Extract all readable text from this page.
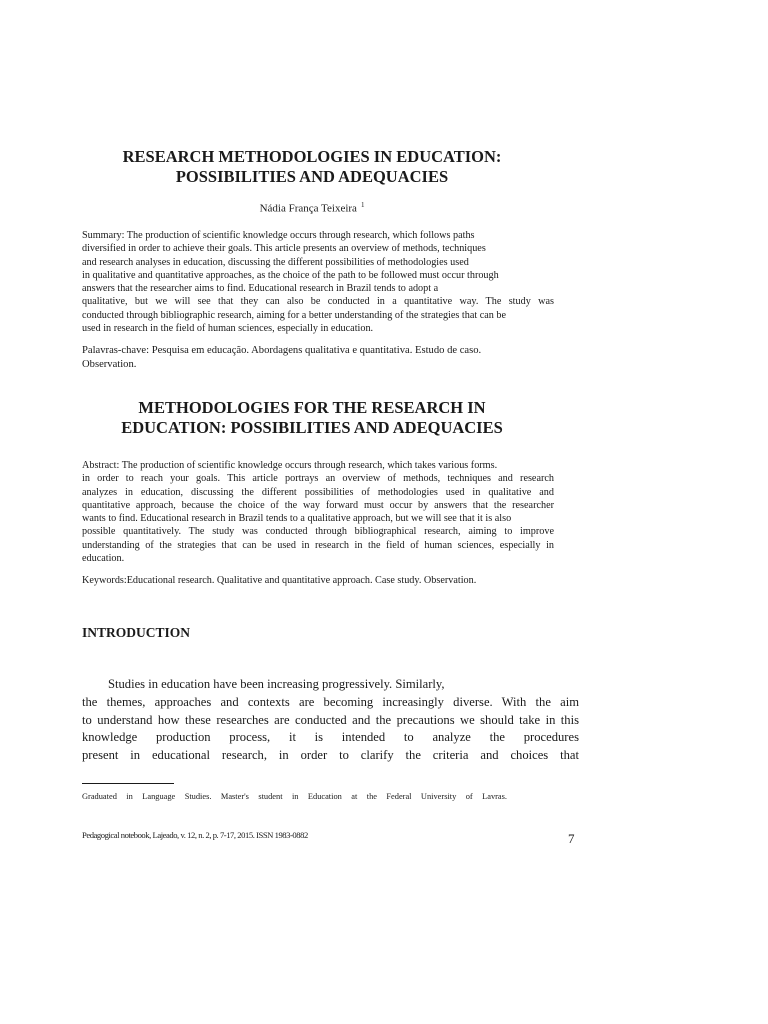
RESEARCH METHODOLOGIES IN EDUCATION:
POSSIBILITIES AND ADEQUACIES
Nádia França Teixeira $^1$
Summary: The production of scientific knowledge occurs through research, which follows paths
diversified in order to achieve their goals. This article presents an overview of methods, techniques
and research analyses in education, discussing the different possibilities of methodologies used
in qualitative and quantitative approaches, as the choice of the path to be followed must occur through
answers that the researcher aims to find. Educational research in Brazil tends to adopt a
qualitative, but we will see that they can also be conducted in a quantitative way. The study was
conducted through bibliographic research, aiming for a better understanding of the strategies that can be
used in research in the field of human sciences, especially in education.
Palavras-chave: Pesquisa em educação. Abordagens qualitativa e quantitativa. Estudo de caso.
Observation.
METHODOLOGIES FOR THE RESEARCH IN
EDUCATION: POSSIBILITIES AND ADEQUACIES
Abstract: The production of scientific knowledge occurs through research, which takes various forms.
in order to reach your goals. This article portrays an overview of methods, techniques and research
analyzes in education, discussing the different possibilities of methodologies used in qualitative and
quantitative approach, because the choice of the way forward must occur by answers that the researcher
wants to find. Educational research in Brazil tends to a qualitative approach, but we will see that it is also
possible quantitatively. The study was conducted through bibliographical research, aiming to improve
understanding of the strategies that can be used in research in the field of human sciences, especially in
education.
Keywords:Educational research. Qualitative and quantitative approach. Case study. Observation.
INTRODUCTION
Studies in education have been increasing progressively. Similarly,
the themes, approaches and contexts are becoming increasingly diverse. With the aim
to understand how these researches are conducted and the precautions we should take in this
knowledge production process, it is intended to analyze the procedures
present in educational research, in order to clarify the criteria and choices that
Graduated in Language Studies. Master's student in Education at the Federal University of Lavras.
Pedagogical notebook, Lajeado, v. 12, n. 2, p. 7-17, 2015. ISSN 1983-0882	7
